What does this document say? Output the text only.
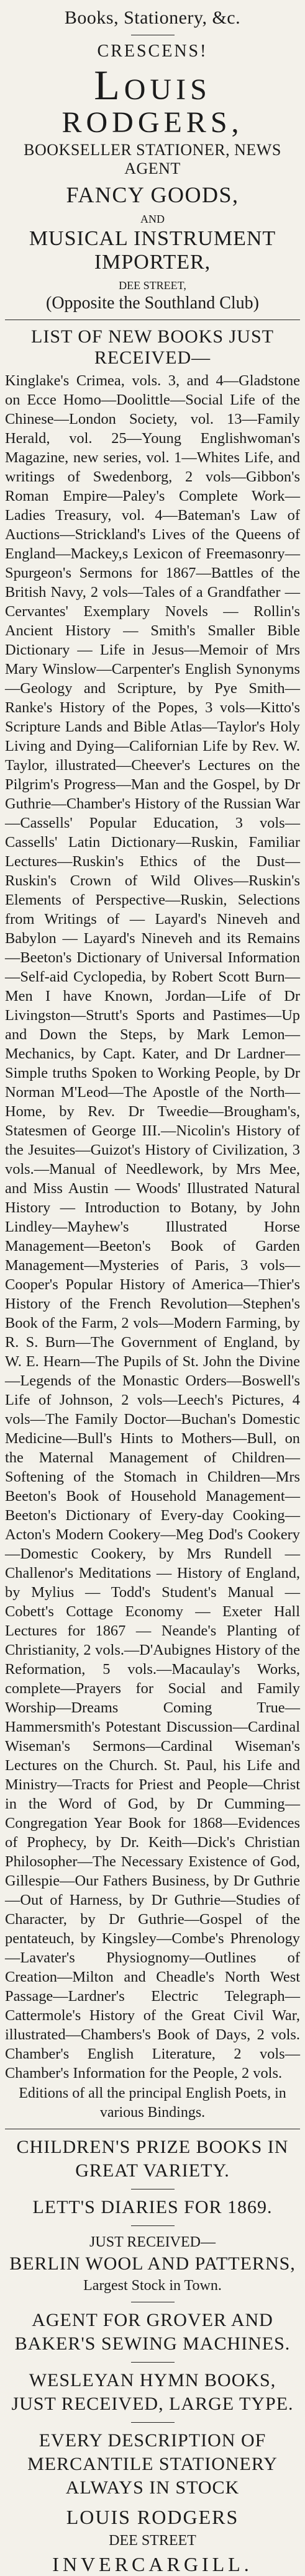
Books, Stationery, &c.
CRESCENS!
LOUIS RODGERS,
BOOKSELLER STATIONER, NEWS AGENT
FANCY GOODS,
AND
MUSICAL INSTRUMENT IMPORTER,
DEE STREET,
(Opposite the Southland Club)
LIST OF NEW BOOKS JUST RECEIVED—

Kinglake's Crimea, vols. 3, and 4—Gladstone on Ecce Homo—Doolittle—Social Life of the Chinese—London Society, vol. 13—Family Herald, vol. 25—Young Englishwoman's Magazine, new series, vol. 1—Whites Life, and writings of Swedenborg, 2 vols—Gibbon's Roman Empire—Paley's Complete Work—Ladies Treasury, vol. 4—Bateman's Law of Auctions—Strickland's Lives of the Queens of England—Mackey,s Lexicon of Freemasonry—Spurgeon's Sermons for 1867—Battles of the British Navy, 2 vols—Tales of a Grandfather — Cervantes' Exemplary Novels — Rollin's Ancient History — Smith's Smaller Bible Dictionary — Life in Jesus—Memoir of Mrs Mary Winslow—Carpenter's English Synonyms—Geology and Scripture, by Pye Smith—Ranke's History of the Popes, 3 vols—Kitto's Scripture Lands and Bible Atlas—Taylor's Holy Living and Dying—Californian Life by Rev. W. Taylor, illustrated—Cheever's Lectures on the Pilgrim's Progress—Man and the Gospel, by Dr Guthrie—Chamber's History of the Russian War—Cassells' Popular Education, 3 vols—Cassells' Latin Dictionary—Ruskin, Familiar Lectures—Ruskin's Ethics of the Dust—Ruskin's Crown of Wild Olives—Ruskin's Elements of Perspective—Ruskin, Selections from Writings of — Layard's Nineveh and Babylon — Layard's Nineveh and its Remains—Beeton's Dictionary of Universal Information—Self-aid Cyclopedia, by Robert Scott Burn—Men I have Known, Jordan—Life of Dr Livingston—Strutt's Sports and Pastimes—Up and Down the Steps, by Mark Lemon—Mechanics, by Capt. Kater, and Dr Lardner—Simple truths Spoken to Working People, by Dr Norman M'Leod—The Apostle of the North—Home, by Rev. Dr Tweedie—Brougham's, Statesmen of George III.—Nicolin's History of the Jesuites—Guizot's History of Civilization, 3 vols.—Manual of Needlework, by Mrs Mee, and Miss Austin — Woods' Illustrated Natural History — Introduction to Botany, by John Lindley—Mayhew's Illustrated Horse Management—Beeton's Book of Garden Management—Mysteries of Paris, 3 vols—Cooper's Popular History of America—Thier's History of the French Revolution—Stephen's Book of the Farm, 2 vols—Modern Farming, by R. S. Burn—The Government of England, by W. E. Hearn—The Pupils of St. John the Divine—Legends of the Monastic Orders—Boswell's Life of Johnson, 2 vols—Leech's Pictures, 4 vols—The Family Doctor—Buchan's Domestic Medicine—Bull's Hints to Mothers—Bull, on the Maternal Management of Children—Softening of the Stomach in Children—Mrs Beeton's Book of Household Management—Beeton's Dictionary of Every-day Cooking—Acton's Modern Cookery—Meg Dod's Cookery—Domestic Cookery, by Mrs Rundell — Challenor's Meditations — History of England, by Mylius — Todd's Student's Manual — Cobett's Cottage Economy — Exeter Hall Lectures for 1867 — Neande's Planting of Christianity, 2 vols.—D'Aubignes History of the Reformation, 5 vols.—Macaulay's Works, complete—Prayers for Social and Family Worship—Dreams Coming True—Hammersmith's Potestant Discussion—Cardinal Wiseman's Sermons—Cardinal Wiseman's Lectures on the Church. St. Paul, his Life and Ministry—Tracts for Priest and People—Christ in the Word of God, by Dr Cumming—Congregation Year Book for 1868—Evidences of Prophecy, by Dr. Keith—Dick's Christian Philosopher—The Necessary Existence of God, Gillespie—Our Fathers Business, by Dr Guthrie—Out of Harness, by Dr Guthrie—Studies of Character, by Dr Guthrie—Gospel of the pentateuch, by Kingsley—Combe's Phrenology—Lavater's Physiognomy—Outlines of Creation—Milton and Cheadle's North West Passage—Lardner's Electric Telegraph—Cattermole's History of the Great Civil War, illustrated—Chambers's Book of Days, 2 vols. Chamber's English Literature, 2 vols—Chamber's Information for the People, 2 vols.

Editions of all the principal English Poets, in various Bindings.

CHILDREN'S PRIZE BOOKS IN GREAT VARIETY.
LETT'S DIARIES FOR 1869.
JUST RECEIVED—
BERLIN WOOL AND PATTERNS,
Largest Stock in Town.
AGENT FOR GROVER AND BAKER'S SEWING MACHINES.
WESLEYAN HYMN BOOKS, JUST RECEIVED, LARGE TYPE.
EVERY DESCRIPTION OF MERCANTILE STATIONERY ALWAYS IN STOCK
LOUIS RODGERS
DEE STREET
INVERCARGILL.
